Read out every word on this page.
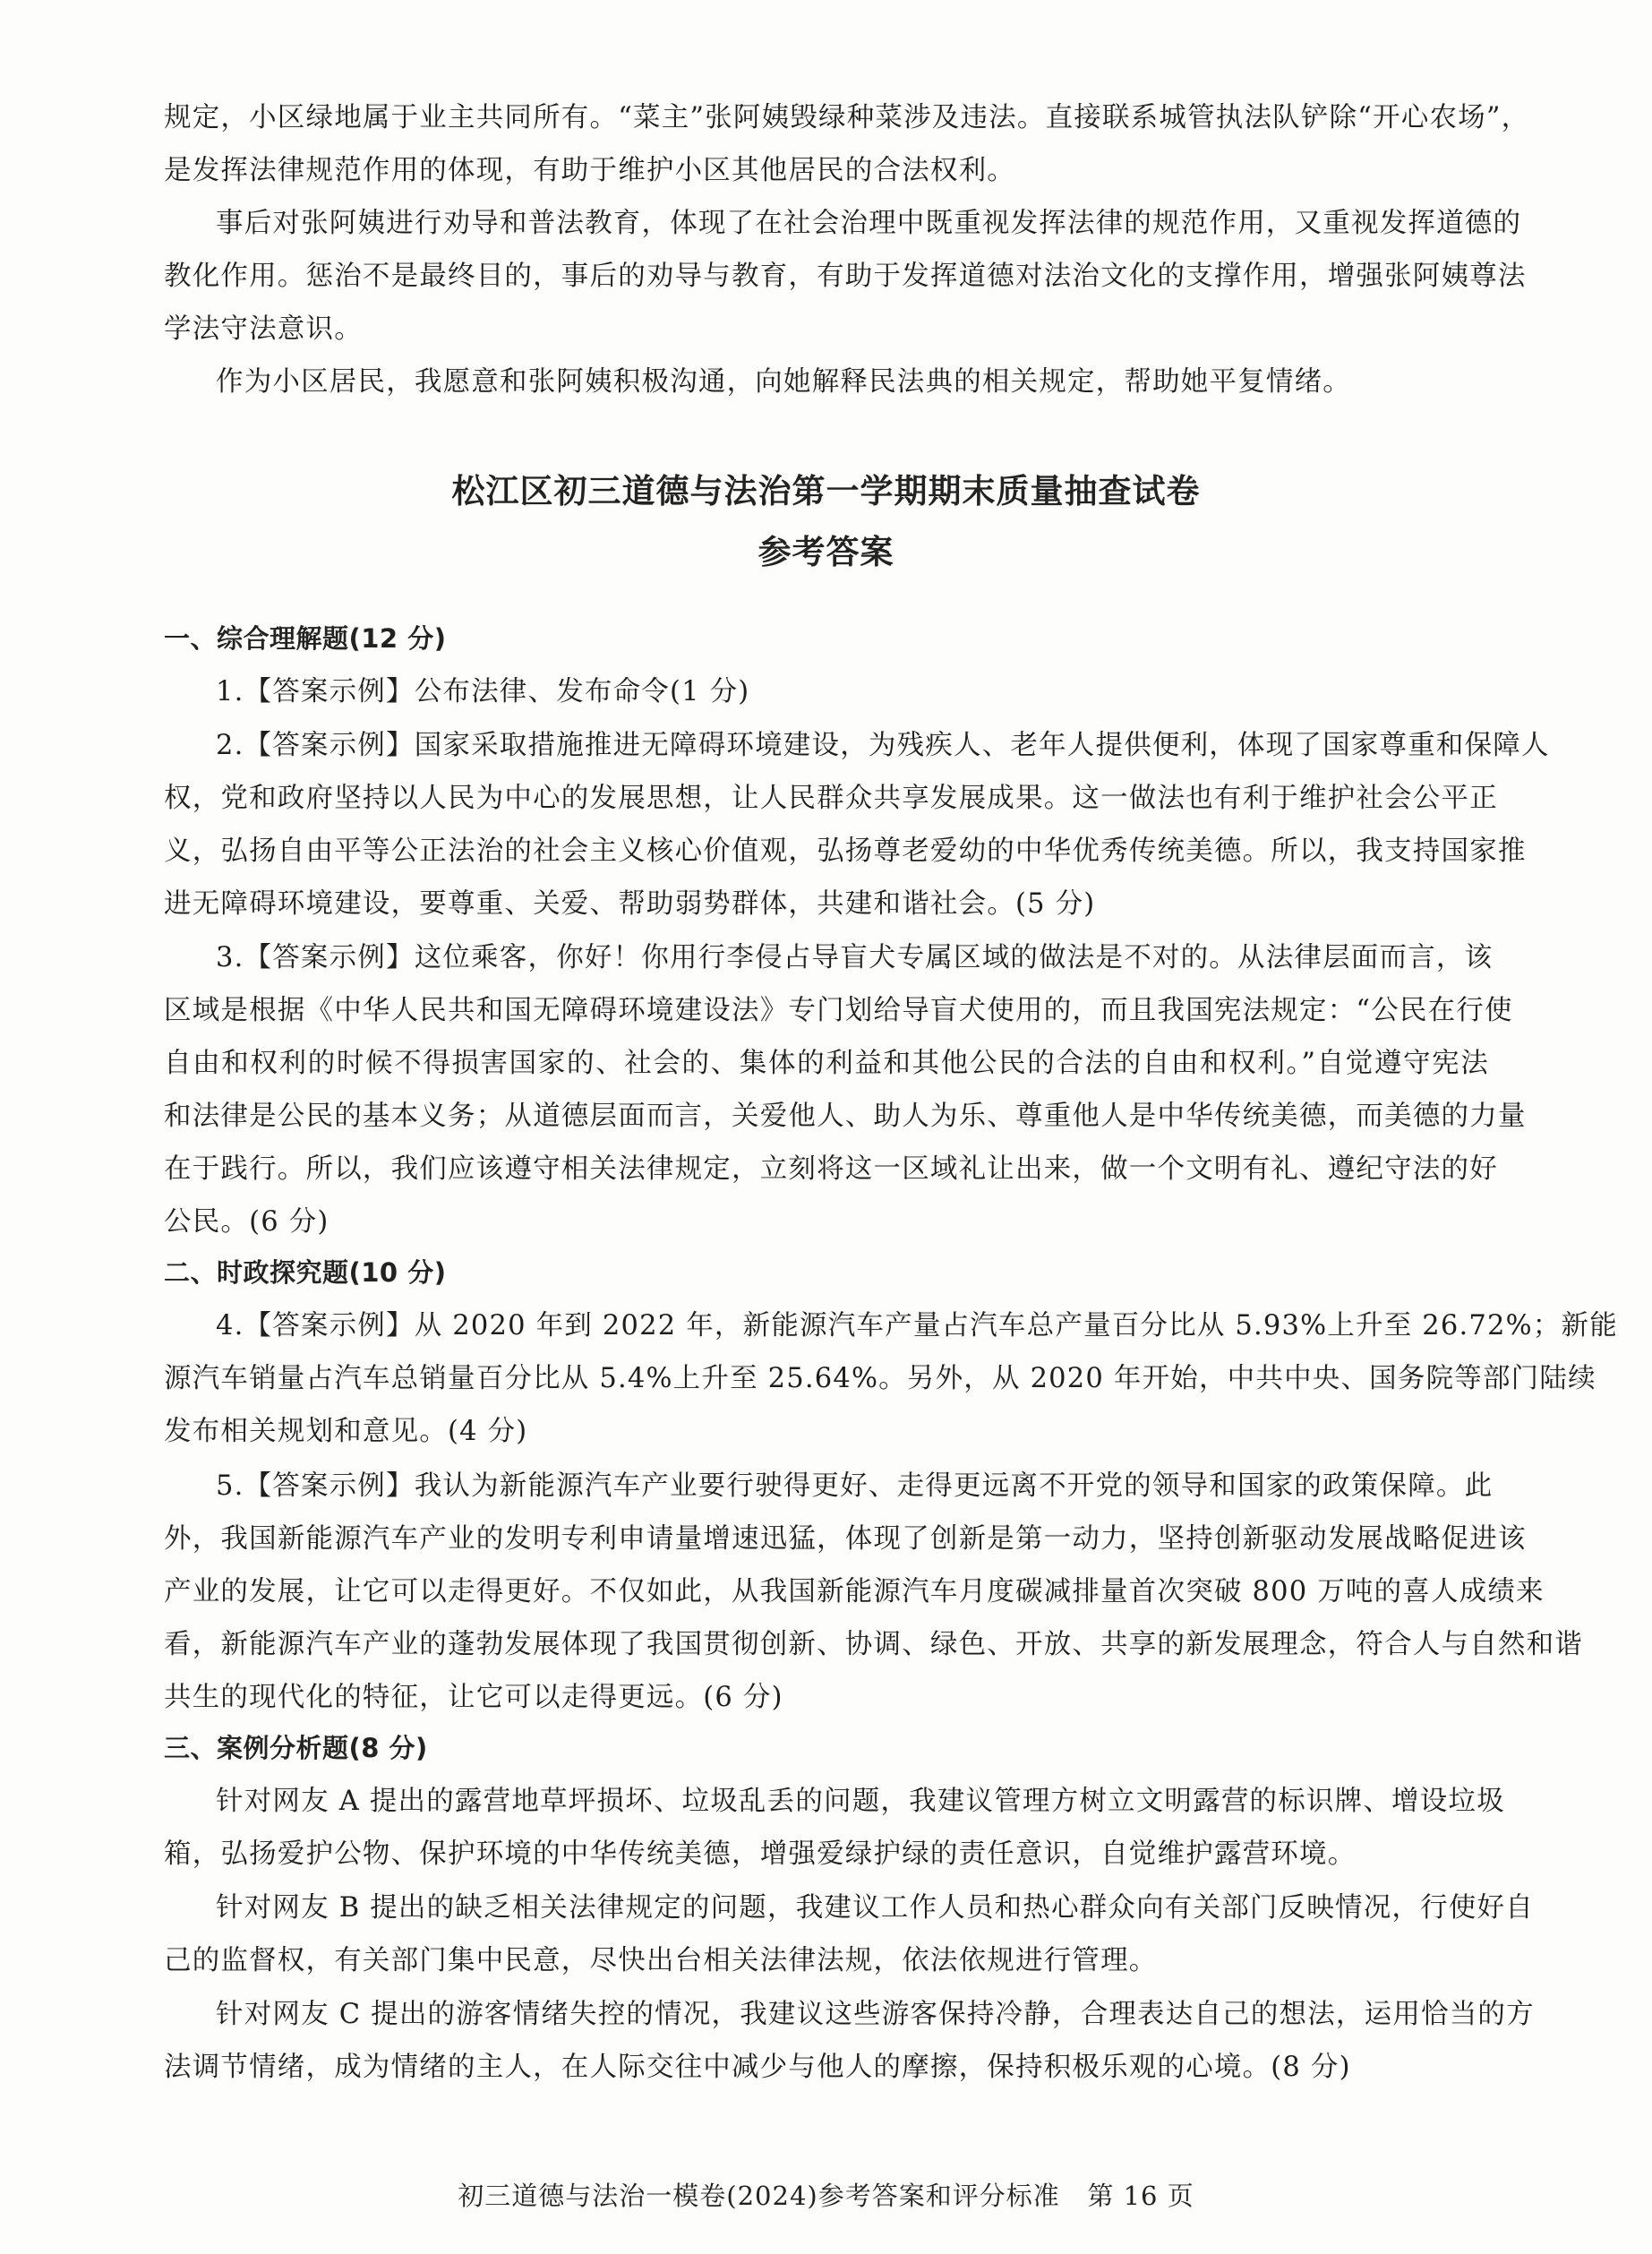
规定，小区绿地属于业主共同所有。“菜主”张阿姨毁绿种菜涉及违法。直接联系城管执法队铲除“开心农场”，
是发挥法律规范作用的体现，有助于维护小区其他居民的合法权利。
事后对张阿姨进行劝导和普法教育，体现了在社会治理中既重视发挥法律的规范作用，又重视发挥道德的
教化作用。惩治不是最终目的，事后的劝导与教育，有助于发挥道德对法治文化的支撑作用，增强张阿姨尊法
学法守法意识。
作为小区居民，我愿意和张阿姨积极沟通，向她解释民法典的相关规定，帮助她平复情绪。
松江区初三道德与法治第一学期期末质量抽查试卷
参考答案
一、综合理解题(12 分)
1.【答案示例】公布法律、发布命令(1 分)
2.【答案示例】国家采取措施推进无障碍环境建设，为残疾人、老年人提供便利，体现了国家尊重和保障人
权，党和政府坚持以人民为中心的发展思想，让人民群众共享发展成果。这一做法也有利于维护社会公平正
义，弘扬自由平等公正法治的社会主义核心价值观，弘扬尊老爱幼的中华优秀传统美德。所以，我支持国家推
进无障碍环境建设，要尊重、关爱、帮助弱势群体，共建和谐社会。(5 分)
3.【答案示例】这位乘客，你好！你用行李侵占导盲犬专属区域的做法是不对的。从法律层面而言，该
区域是根据《中华人民共和国无障碍环境建设法》专门划给导盲犬使用的，而且我国宪法规定：“公民在行使
自由和权利的时候不得损害国家的、社会的、集体的利益和其他公民的合法的自由和权利。”自觉遵守宪法
和法律是公民的基本义务；从道德层面而言，关爱他人、助人为乐、尊重他人是中华传统美德，而美德的力量
在于践行。所以，我们应该遵守相关法律规定，立刻将这一区域礼让出来，做一个文明有礼、遵纪守法的好
公民。(6 分)
二、时政探究题(10 分)
4.【答案示例】从 2020 年到 2022 年，新能源汽车产量占汽车总产量百分比从 5.93%上升至 26.72%；新能
源汽车销量占汽车总销量百分比从 5.4%上升至 25.64%。另外，从 2020 年开始，中共中央、国务院等部门陆续
发布相关规划和意见。(4 分)
5.【答案示例】我认为新能源汽车产业要行驶得更好、走得更远离不开党的领导和国家的政策保障。此
外，我国新能源汽车产业的发明专利申请量增速迅猛，体现了创新是第一动力，坚持创新驱动发展战略促进该
产业的发展，让它可以走得更好。不仅如此，从我国新能源汽车月度碳减排量首次突破 800 万吨的喜人成绩来
看，新能源汽车产业的蓬勃发展体现了我国贯彻创新、协调、绿色、开放、共享的新发展理念，符合人与自然和谐
共生的现代化的特征，让它可以走得更远。(6 分)
三、案例分析题(8 分)
针对网友 A 提出的露营地草坪损坏、垃圾乱丢的问题，我建议管理方树立文明露营的标识牌、增设垃圾
箱，弘扬爱护公物、保护环境的中华传统美德，增强爱绿护绿的责任意识，自觉维护露营环境。
针对网友 B 提出的缺乏相关法律规定的问题，我建议工作人员和热心群众向有关部门反映情况，行使好自
己的监督权，有关部门集中民意，尽快出台相关法律法规，依法依规进行管理。
针对网友 C 提出的游客情绪失控的情况，我建议这些游客保持冷静，合理表达自己的想法，运用恰当的方
法调节情绪，成为情绪的主人，在人际交往中减少与他人的摩擦，保持积极乐观的心境。(8 分)
初三道德与法治一模卷(2024)参考答案和评分标准 第 16 页
